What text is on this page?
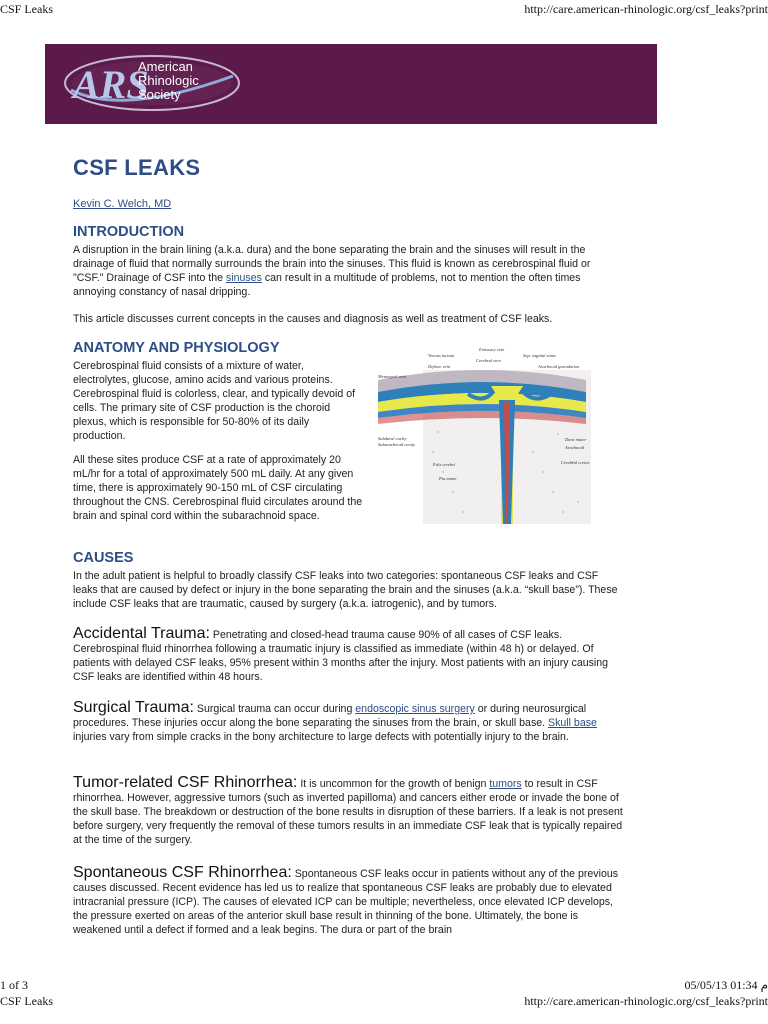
CSF Leaks	http://care.american-rhinologic.org/csf_leaks?print
ARS
American
Rhinologic
Society
CSF LEAKS
Kevin C. Welch, MD
INTRODUCTION

A disruption in the brain lining (a.k.a. dura) and the bone separating the brain and the sinuses will result in the drainage of fluid that normally surrounds the brain into the sinuses. This fluid is known as cerebrospinal fluid or "CSF." Drainage of CSF into the sinuses can result in a multitude of problems, not to mention the often times annoying constancy of nasal dripping.

This article discusses current concepts in the causes and diagnosis as well as treatment of CSF leaks.

ANATOMY AND PHYSIOLOGY

Cerebrospinal fluid consists of a mixture of water, electrolytes, glucose, amino acids and various proteins. Cerebrospinal fluid is colorless, clear, and typically devoid of cells. The primary site of CSF production is the choroid plexus, which is responsible for 50-80% of its daily production.

All these sites produce CSF at a rate of approximately 20 mL/hr for a total of approximately 500 mL daily. At any given time, there is approximately 90-150 mL of CSF circulating throughout the CNS. Cerebrospinal fluid circulates around the brain and spinal cord within the subarachnoid space.

Emissary vein
Venous lacuna
Cerebral vein
Sup. sagittal sinus
Diploic vein	Arachnoid granulation
Meningeal vein
Subdural cavity
Subarachnoid cavity
Dura mater
Arachnoid
Falx cerebri	Cerebral cortex
Pia mater
CAUSES

In the adult patient is helpful to broadly classify CSF leaks into two categories: spontaneous CSF leaks and CSF leaks that are caused by defect or injury in the bone separating the brain and the sinuses (a.k.a. “skull base”). These include CSF leaks that are traumatic, caused by surgery (a.k.a. iatrogenic), and by tumors.

Accidental Trauma: Penetrating and closed-head trauma cause 90% of all cases of CSF leaks. Cerebrospinal fluid rhinorrhea following a traumatic injury is classified as immediate (within 48 h) or delayed. Of patients with delayed CSF leaks, 95% present within 3 months after the injury. Most patients with an injury causing CSF leaks are identified within 48 hours.

Surgical Trauma: Surgical trauma can occur during endoscopic sinus surgery or during neurosurgical procedures. These injuries occur along the bone separating the sinuses from the brain, or skull base. Skull base injuries vary from simple cracks in the bony architecture to large defects with potentially injury to the brain.

Tumor-related CSF Rhinorrhea: It is uncommon for the growth of benign tumors to result in CSF rhinorrhea. However, aggressive tumors (such as inverted papilloma) and cancers either erode or invade the bone of the skull base. The breakdown or destruction of the bone results in disruption of these barriers. If a leak is not present before surgery, very frequently the removal of these tumors results in an immediate CSF leak that is typically repaired at the time of the surgery.

Spontaneous CSF Rhinorrhea: Spontaneous CSF leaks occur in patients without any of the previous causes discussed. Recent evidence has led us to realize that spontaneous CSF leaks are probably due to elevated intracranial pressure (ICP). The causes of elevated ICP can be multiple; nevertheless, once elevated ICP develops, the pressure exerted on areas of the anterior skull base result in thinning of the bone. Ultimately, the bone is weakened until a defect if formed and a leak begins. The dura or part of the brain

1 of 3	05/05/13 01:34 م
CSF Leaks	http://care.american-rhinologic.org/csf_leaks?print
